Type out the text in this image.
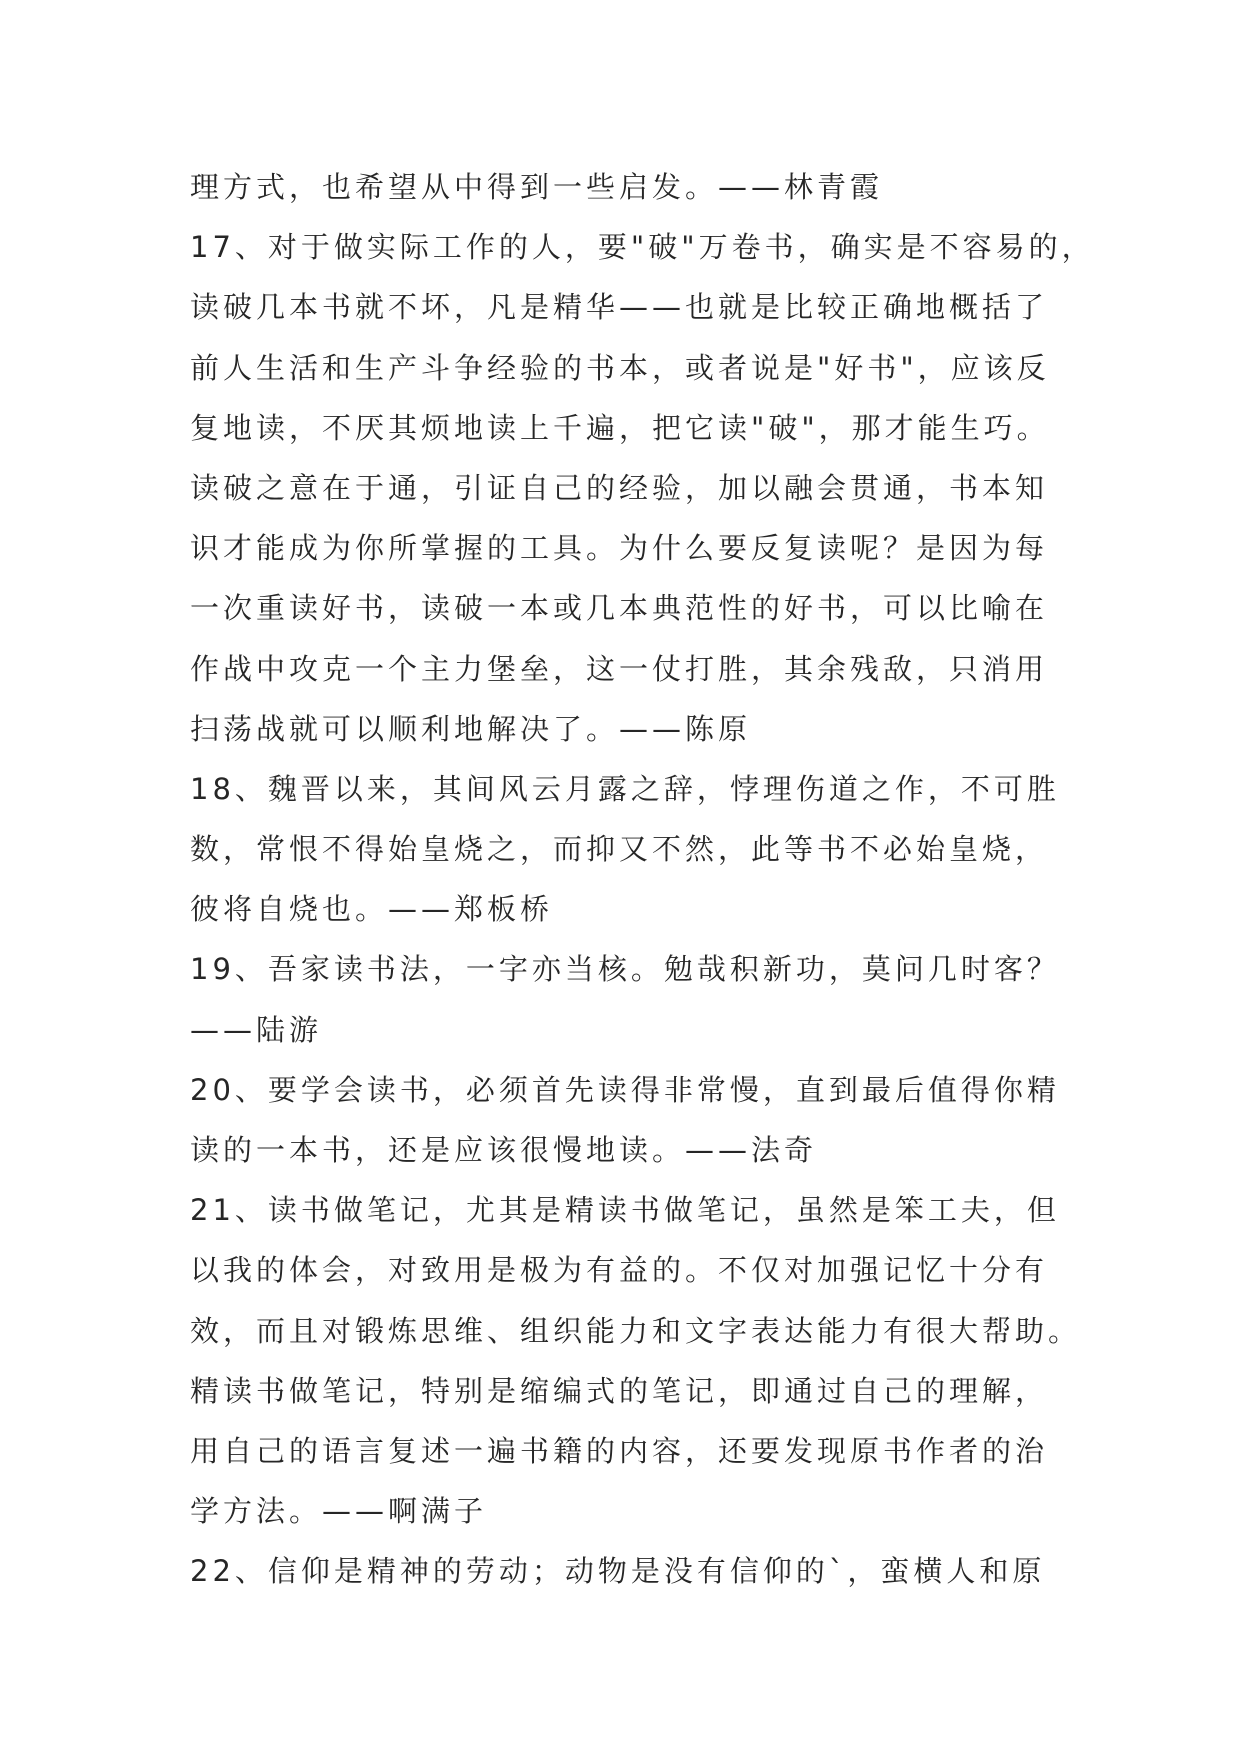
理方式，也希望从中得到一些启发。——林青霞
17、对于做实际工作的人，要"破"万卷书，确实是不容易的，
读破几本书就不坏，凡是精华——也就是比较正确地概括了
前人生活和生产斗争经验的书本，或者说是"好书"，应该反
复地读，不厌其烦地读上千遍，把它读"破"，那才能生巧。
读破之意在于通，引证自己的经验，加以融会贯通，书本知
识才能成为你所掌握的工具。为什么要反复读呢？是因为每
一次重读好书，读破一本或几本典范性的好书，可以比喻在
作战中攻克一个主力堡垒，这一仗打胜，其余残敌，只消用
扫荡战就可以顺利地解决了。——陈原
18、魏晋以来，其间风云月露之辞，悖理伤道之作，不可胜
数，常恨不得始皇烧之，而抑又不然，此等书不必始皇烧，
彼将自烧也。——郑板桥
19、吾家读书法，一字亦当核。勉哉积新功，莫问几时客？
——陆游
20、要学会读书，必须首先读得非常慢，直到最后值得你精
读的一本书，还是应该很慢地读。——法奇
21、读书做笔记，尤其是精读书做笔记，虽然是笨工夫，但
以我的体会，对致用是极为有益的。不仅对加强记忆十分有
效，而且对锻炼思维、组织能力和文字表达能力有很大帮助。
精读书做笔记，特别是缩编式的笔记，即通过自己的理解，
用自己的语言复述一遍书籍的内容，还要发现原书作者的治
学方法。——啊满子
22、信仰是精神的劳动；动物是没有信仰的`，蛮横人和原
